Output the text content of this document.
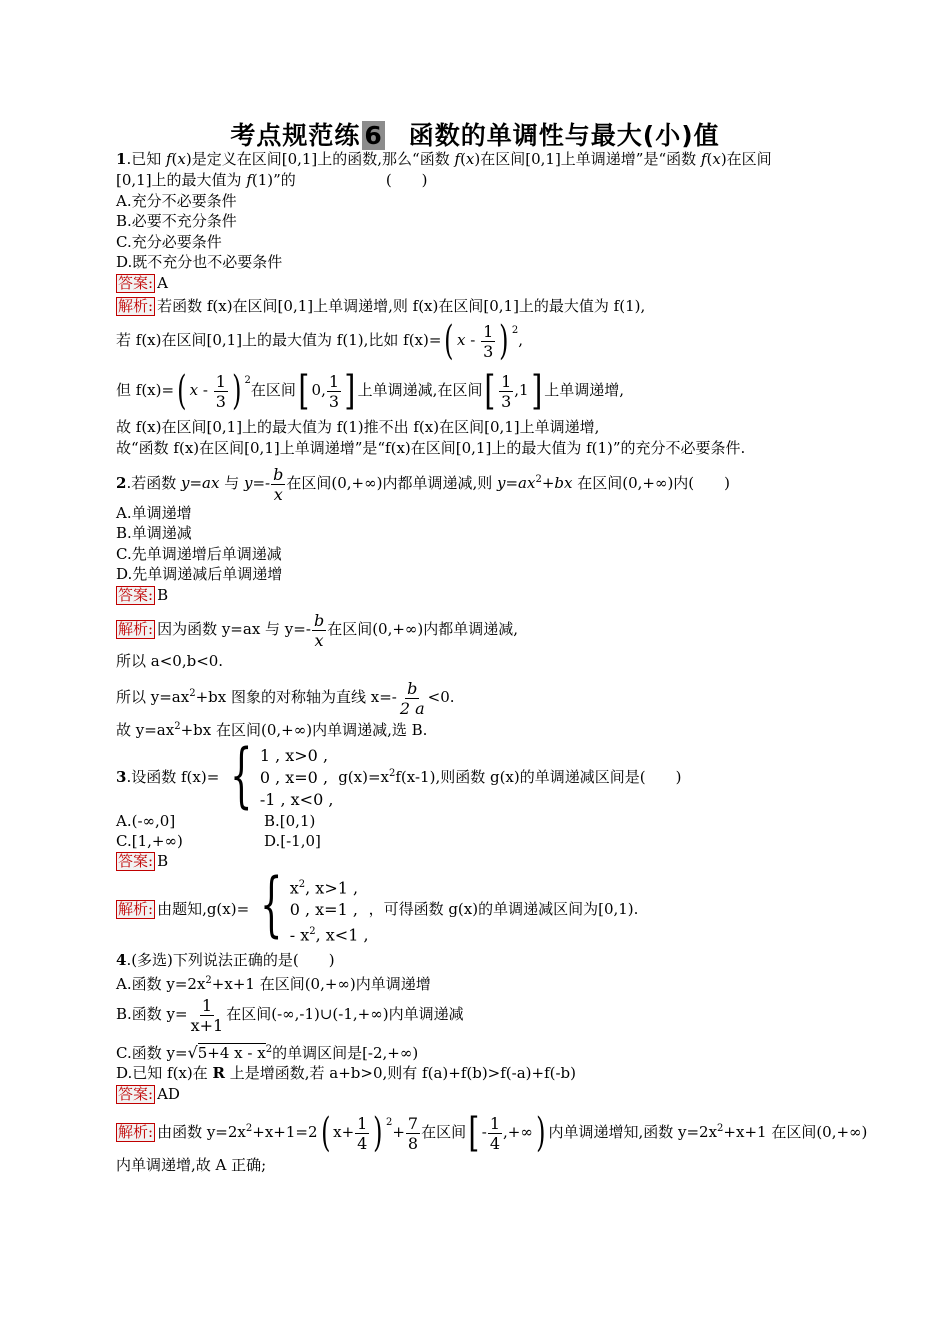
考点规范练 6 函数的单调性与最大(小)值
1.已知 f(x)是定义在区间[0,1]上的函数,那么“函数 f(x)在区间[0,1]上单调递增”是“函数 f(x)在区间
[0,1]上的最大值为 f(1)”的	(　　)
A.充分不必要条件
B.必要不充分条件
C.充分必要条件
D.既不充分也不必要条件
答案: A
解析: 若函数 f(x)在区间[0,1]上单调递增,则 f(x)在区间[0,1]上的最大值为 f(1),
若 f(x)在区间[0,1]上的最大值为 f(1),比如 f(x)=( x - $\frac{1}{3}$ ) $^2$,
但 f(x)=( x - $\frac{1}{3}$ ) $^2$在区间[ 0, $\frac{1}{3}$ ] 上单调递减,在区间[ $\frac{1}{3} ,1$] 上单调递增,
故 f(x)在区间[0,1]上的最大值为 f(1)推不出 f(x)在区间[0,1]上单调递增,
故“函数 f(x)在区间[0,1]上单调递增”是“f(x)在区间[0,1]上的最大值为 f(1)”的充分不必要条件.
2.若函数 y=ax 与 $y=- \frac{b}{x}$ 在区间(0,+∞)内都单调递减,则 $y=ax^2+bx$ 在区间(0,+∞)内(　　)
A.单调递增
B.单调递减
C.先单调递增后单调递减
D.先单调递减后单调递增
答案: B
解析: 因为函数 y=ax 与 $y=- \frac{b}{x}$ 在区间(0,+∞)内都单调递减,
所以 a<0,b<0.
所以 $y=ax^2+bx$ 图象的对称轴为直线 $x=- \frac{b}{2 a} <0$.
故 $y=ax^2+bx$ 在区间(0,+∞)内单调递减,选 B.
3.设函数 f(x)= { 1 , x>0 ,
0 , x=0 ,
-1 , x<0 ,
$g(x)=x^2f(x-1)$,则函数 g(x)的单调递减区间是(　　)
A.(-∞,0]	B.[0,1)
C.[1,+∞)	D.[-1,0]
答案: B
解析: 由题知,g(x)= { $x^2$, x>1 ,
0 , x=1 ,
- $x^2$, x<1 ,
，可得函数 g(x)的单调递减区间为[0,1).
4.(多选)下列说法正确的是(　　)
A.函数 $y=2x^2+x+1$ 在区间(0,+∞)内单调递增
B.函数 $y= \frac{1}{x+1}$ 在区间(-∞,-1)∪(-1,+∞)内单调递减
C.函数 y=√5+4 x - $x^2$的单调区间是[-2,+∞)
D.已知 f(x)在 R 上是增函数,若 a+b>0,则有 f(a)+f(b)>f(-a)+f(-b)
答案: AD
解析: 由函数 $y=2x^2+x+1=2$( $x+ \frac{1}{4}$ ) $^2+ \frac{7}{8}$ 在区间[ - $\frac{1}{4}$ ,+∞) 内单调递增知,函数 $y=2x^2+x+1$ 在区间(0,+∞)
内单调递增,故 A 正确;
